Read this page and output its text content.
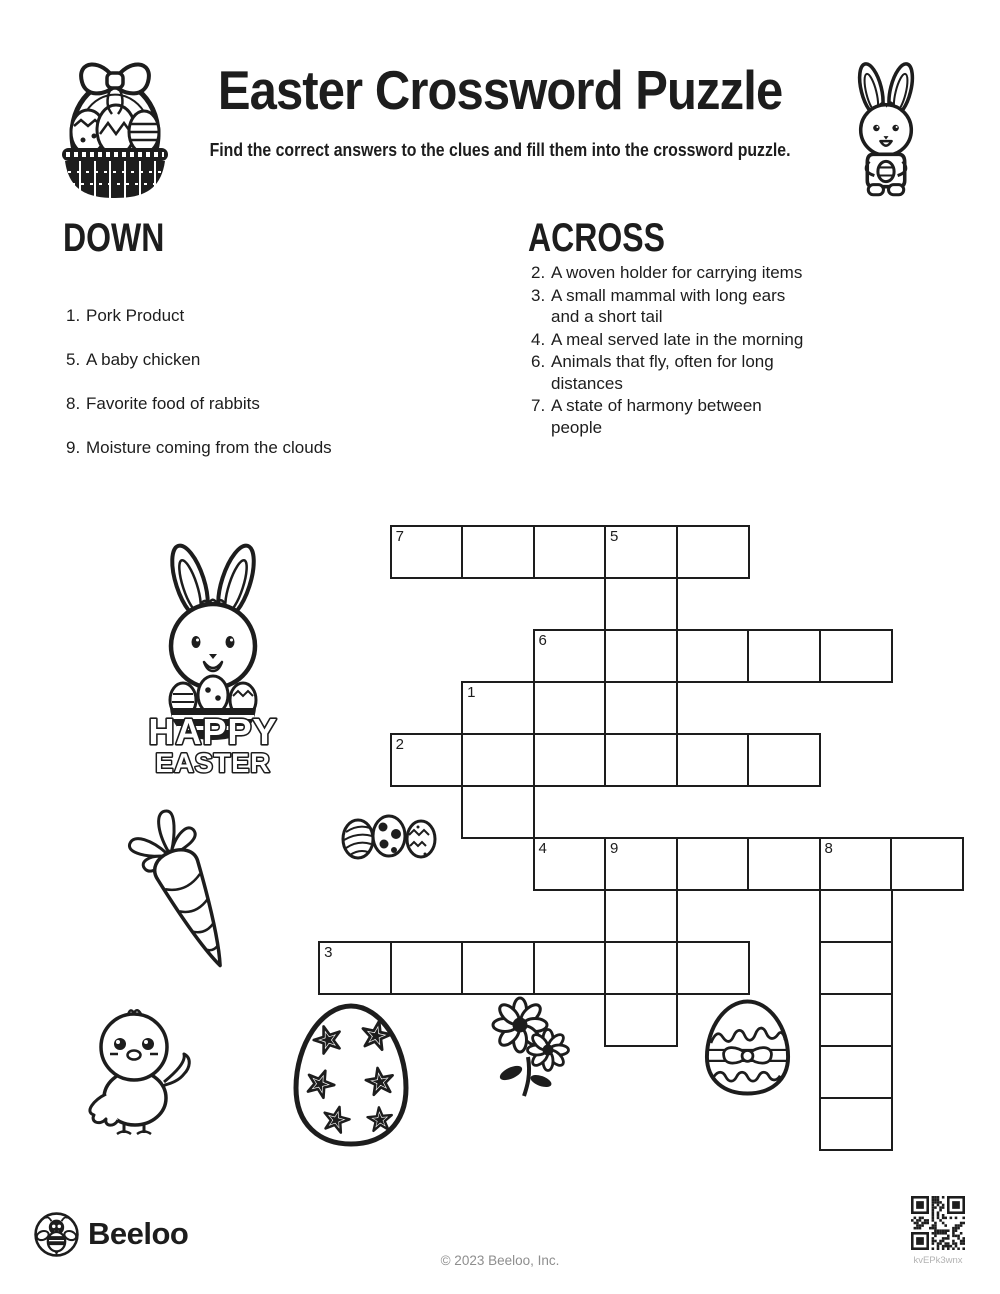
Easter Crossword Puzzle
Find the correct answers to the clues and fill them into the crossword puzzle.
DOWN
1. Pork Product
5. A baby chicken
8. Favorite food of rabbits
9. Moisture coming from the clouds
ACROSS
2. A woven holder for carrying items
3. A small mammal with long ears and a short tail
4. A meal served late in the morning
6. Animals that fly, often for long distances
7. A state of harmony between people
7	5
6
1
2
4	9	8
3
HAPPY
EASTER
Beeloo
© 2023 Beeloo, Inc.	kvEPk3wnx
